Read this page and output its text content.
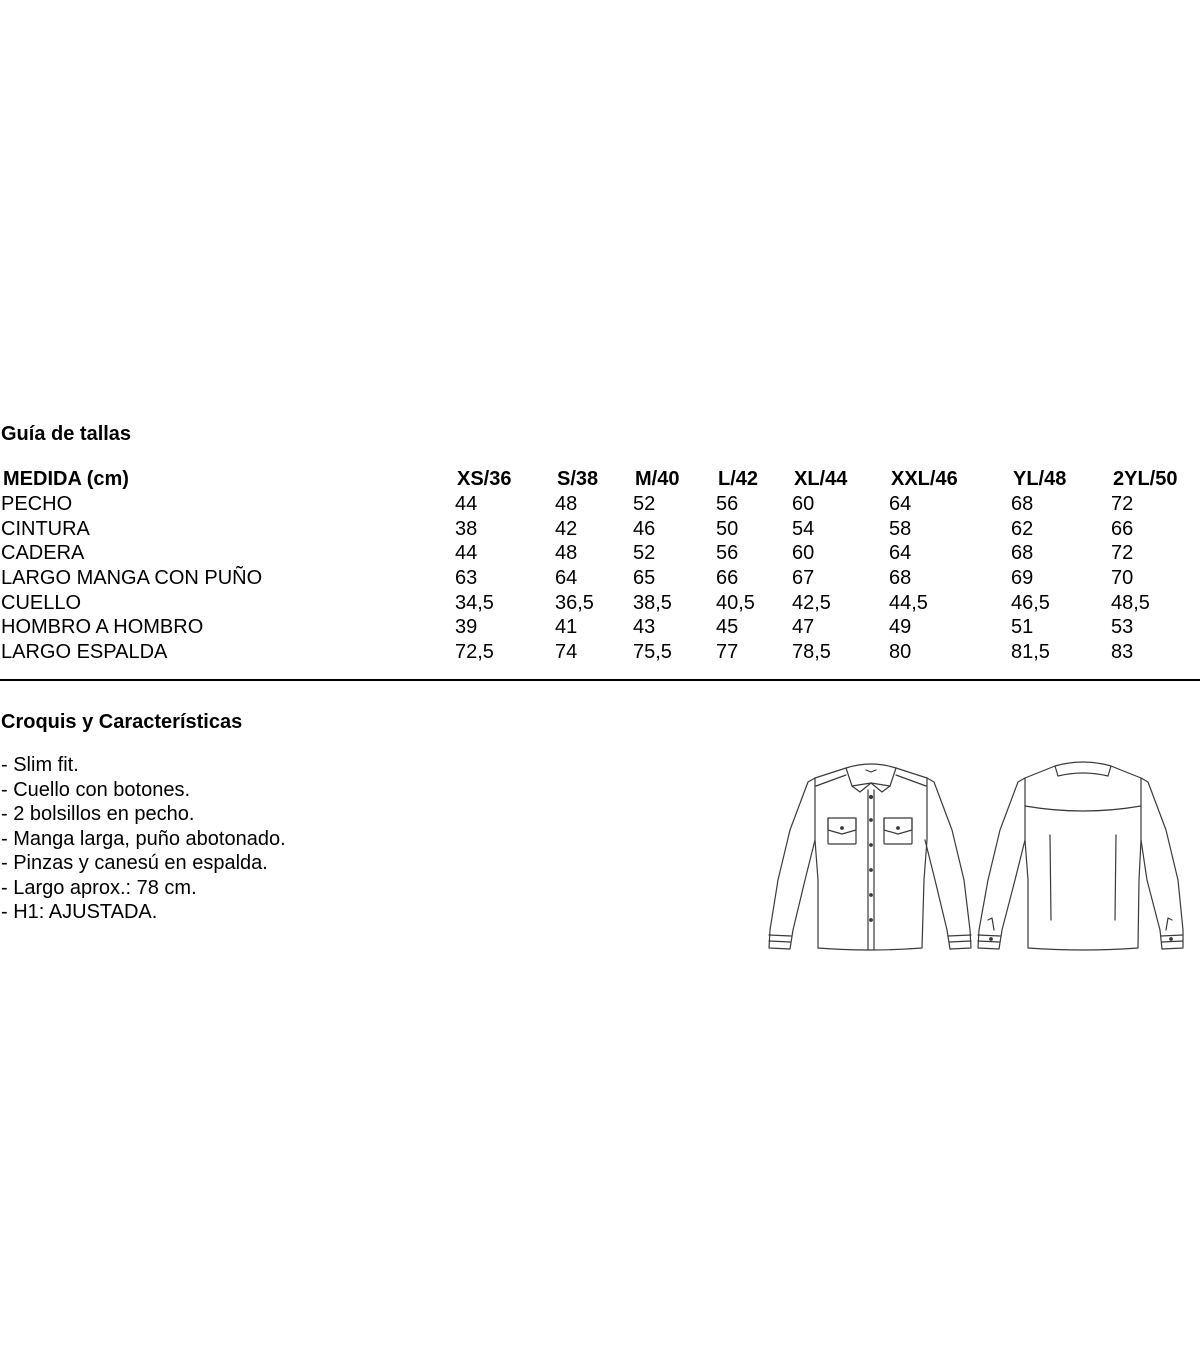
Guía de tallas
MEDIDA (cm)	XS/36	S/38	M/40	L/42	XL/44	XXL/46	YL/48	2YL/50
PECHO	44	48	52	56	60	64	68	72
CINTURA	38	42	46	50	54	58	62	66
CADERA	44	48	52	56	60	64	68	72
LARGO MANGA CON PUÑO	63	64	65	66	67	68	69	70
CUELLO	34,5	36,5	38,5	40,5	42,5	44,5	46,5	48,5
HOMBRO A HOMBRO	39	41	43	45	47	49	51	53
LARGO ESPALDA	72,5	74	75,5	77	78,5	80	81,5	83
Croquis y Características
- Slim fit.
- Cuello con botones.
- 2 bolsillos en pecho.
- Manga larga, puño abotonado.
- Pinzas y canesú en espalda.
- Largo aprox.: 78 cm.
- H1: AJUSTADA.
